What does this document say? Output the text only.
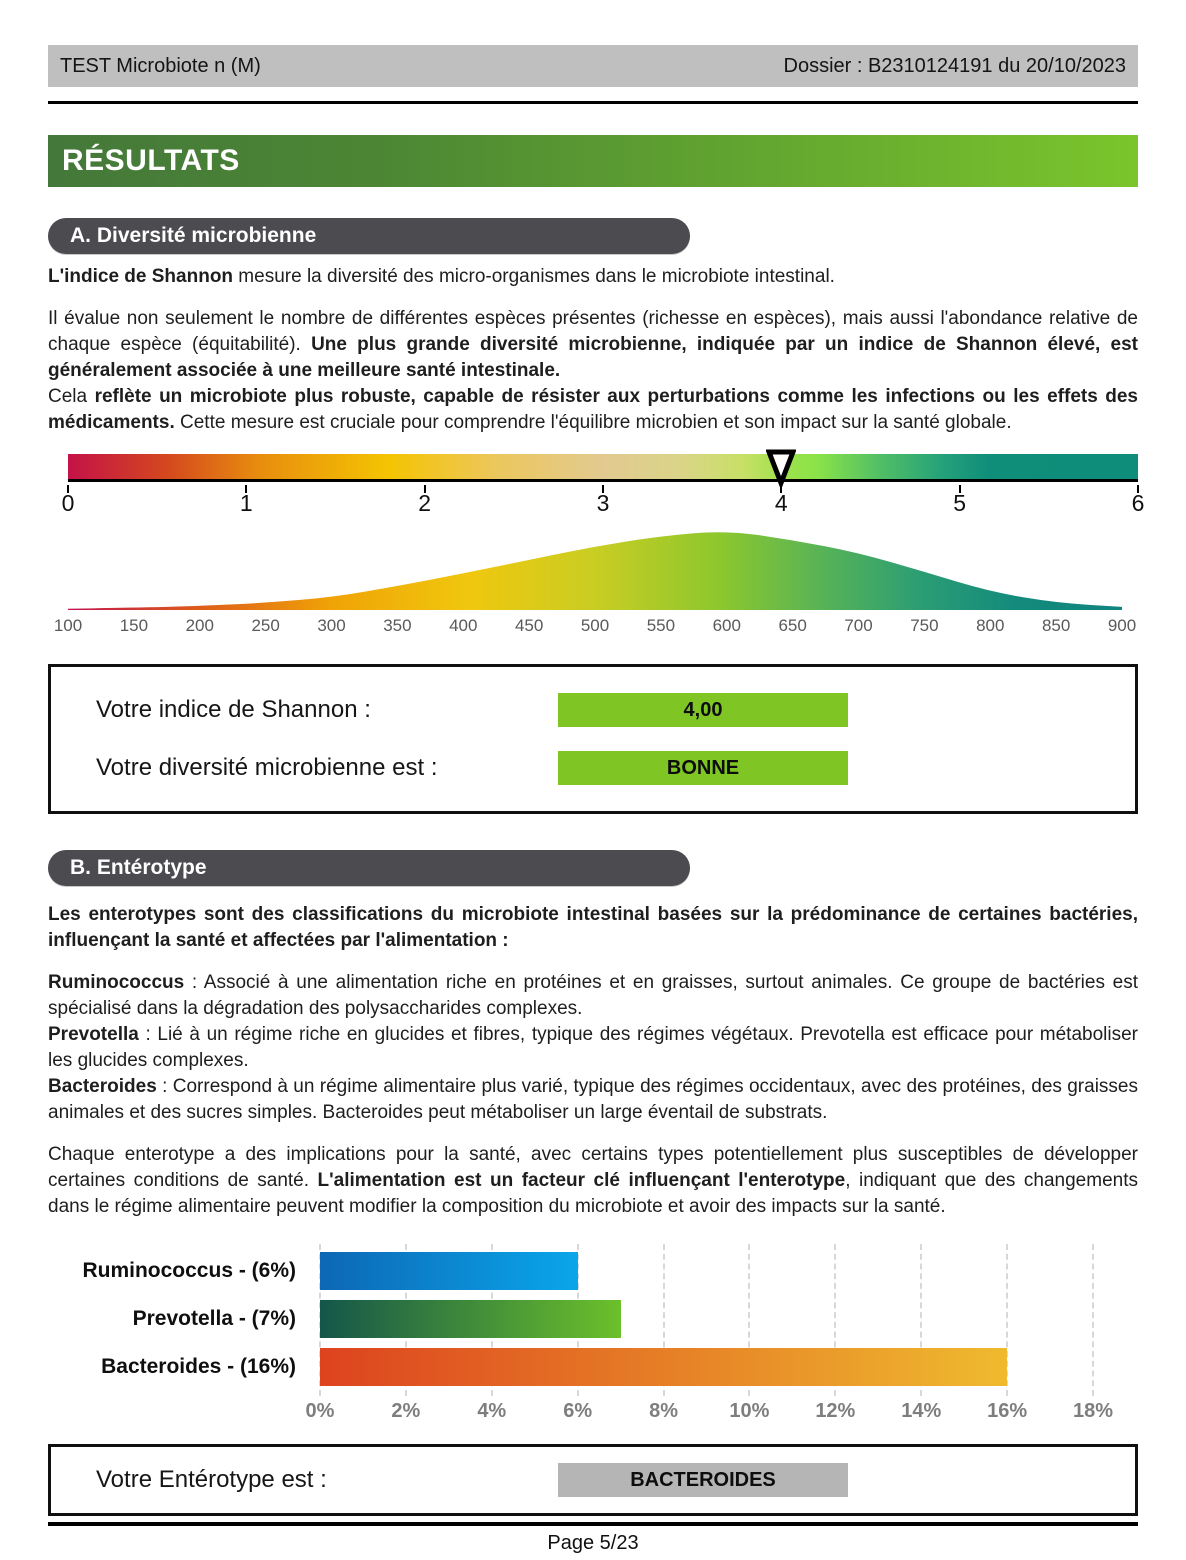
TEST Microbiote n (M)	Dossier : B2310124191 du 20/10/2023
RÉSULTATS
A. Diversité microbienne

L'indice de Shannon mesure la diversité des micro-organismes dans le microbiote intestinal.

Il évalue non seulement le nombre de différentes espèces présentes (richesse en espèces), mais aussi l'abondance relative de chaque espèce (équitabilité). Une plus grande diversité microbienne, indiquée par un indice de Shannon élevé, est généralement associée à une meilleure santé intestinale.

Cela reflète un microbiote plus robuste, capable de résister aux perturbations comme les infections ou les effets des médicaments. Cette mesure est cruciale pour comprendre l'équilibre microbien et son impact sur la santé globale.

0	1	2	3	4	5	6
100 150 200 250 300 350 400 450 500 550 600 650 700 750 800 850 900
Votre indice de Shannon :	4,00
Votre diversité microbienne est :	BONNE
B. Entérotype

Les enterotypes sont des classifications du microbiote intestinal basées sur la prédominance de certaines bactéries, influençant la santé et affectées par l'alimentation :

Ruminococcus : Associé à une alimentation riche en protéines et en graisses, surtout animales. Ce groupe de bactéries est spécialisé dans la dégradation des polysaccharides complexes.

Prevotella : Lié à un régime riche en glucides et fibres, typique des régimes végétaux. Prevotella est efficace pour métaboliser les glucides complexes.

Bacteroides : Correspond à un régime alimentaire plus varié, typique des régimes occidentaux, avec des protéines, des graisses animales et des sucres simples. Bacteroides peut métaboliser un large éventail de substrats.

Chaque enterotype a des implications pour la santé, avec certains types potentiellement plus susceptibles de développer certaines conditions de santé. L'alimentation est un facteur clé influençant l'enterotype, indiquant que des changements dans le régime alimentaire peuvent modifier la composition du microbiote et avoir des impacts sur la santé.

Ruminococcus - (6%)
Prevotella - (7%)
Bacteroides - (16%)
0%	2%	4%	6%	8%	10% 12% 14% 16% 18%
Votre Entérotype est :	BACTEROIDES
Page 5/23
